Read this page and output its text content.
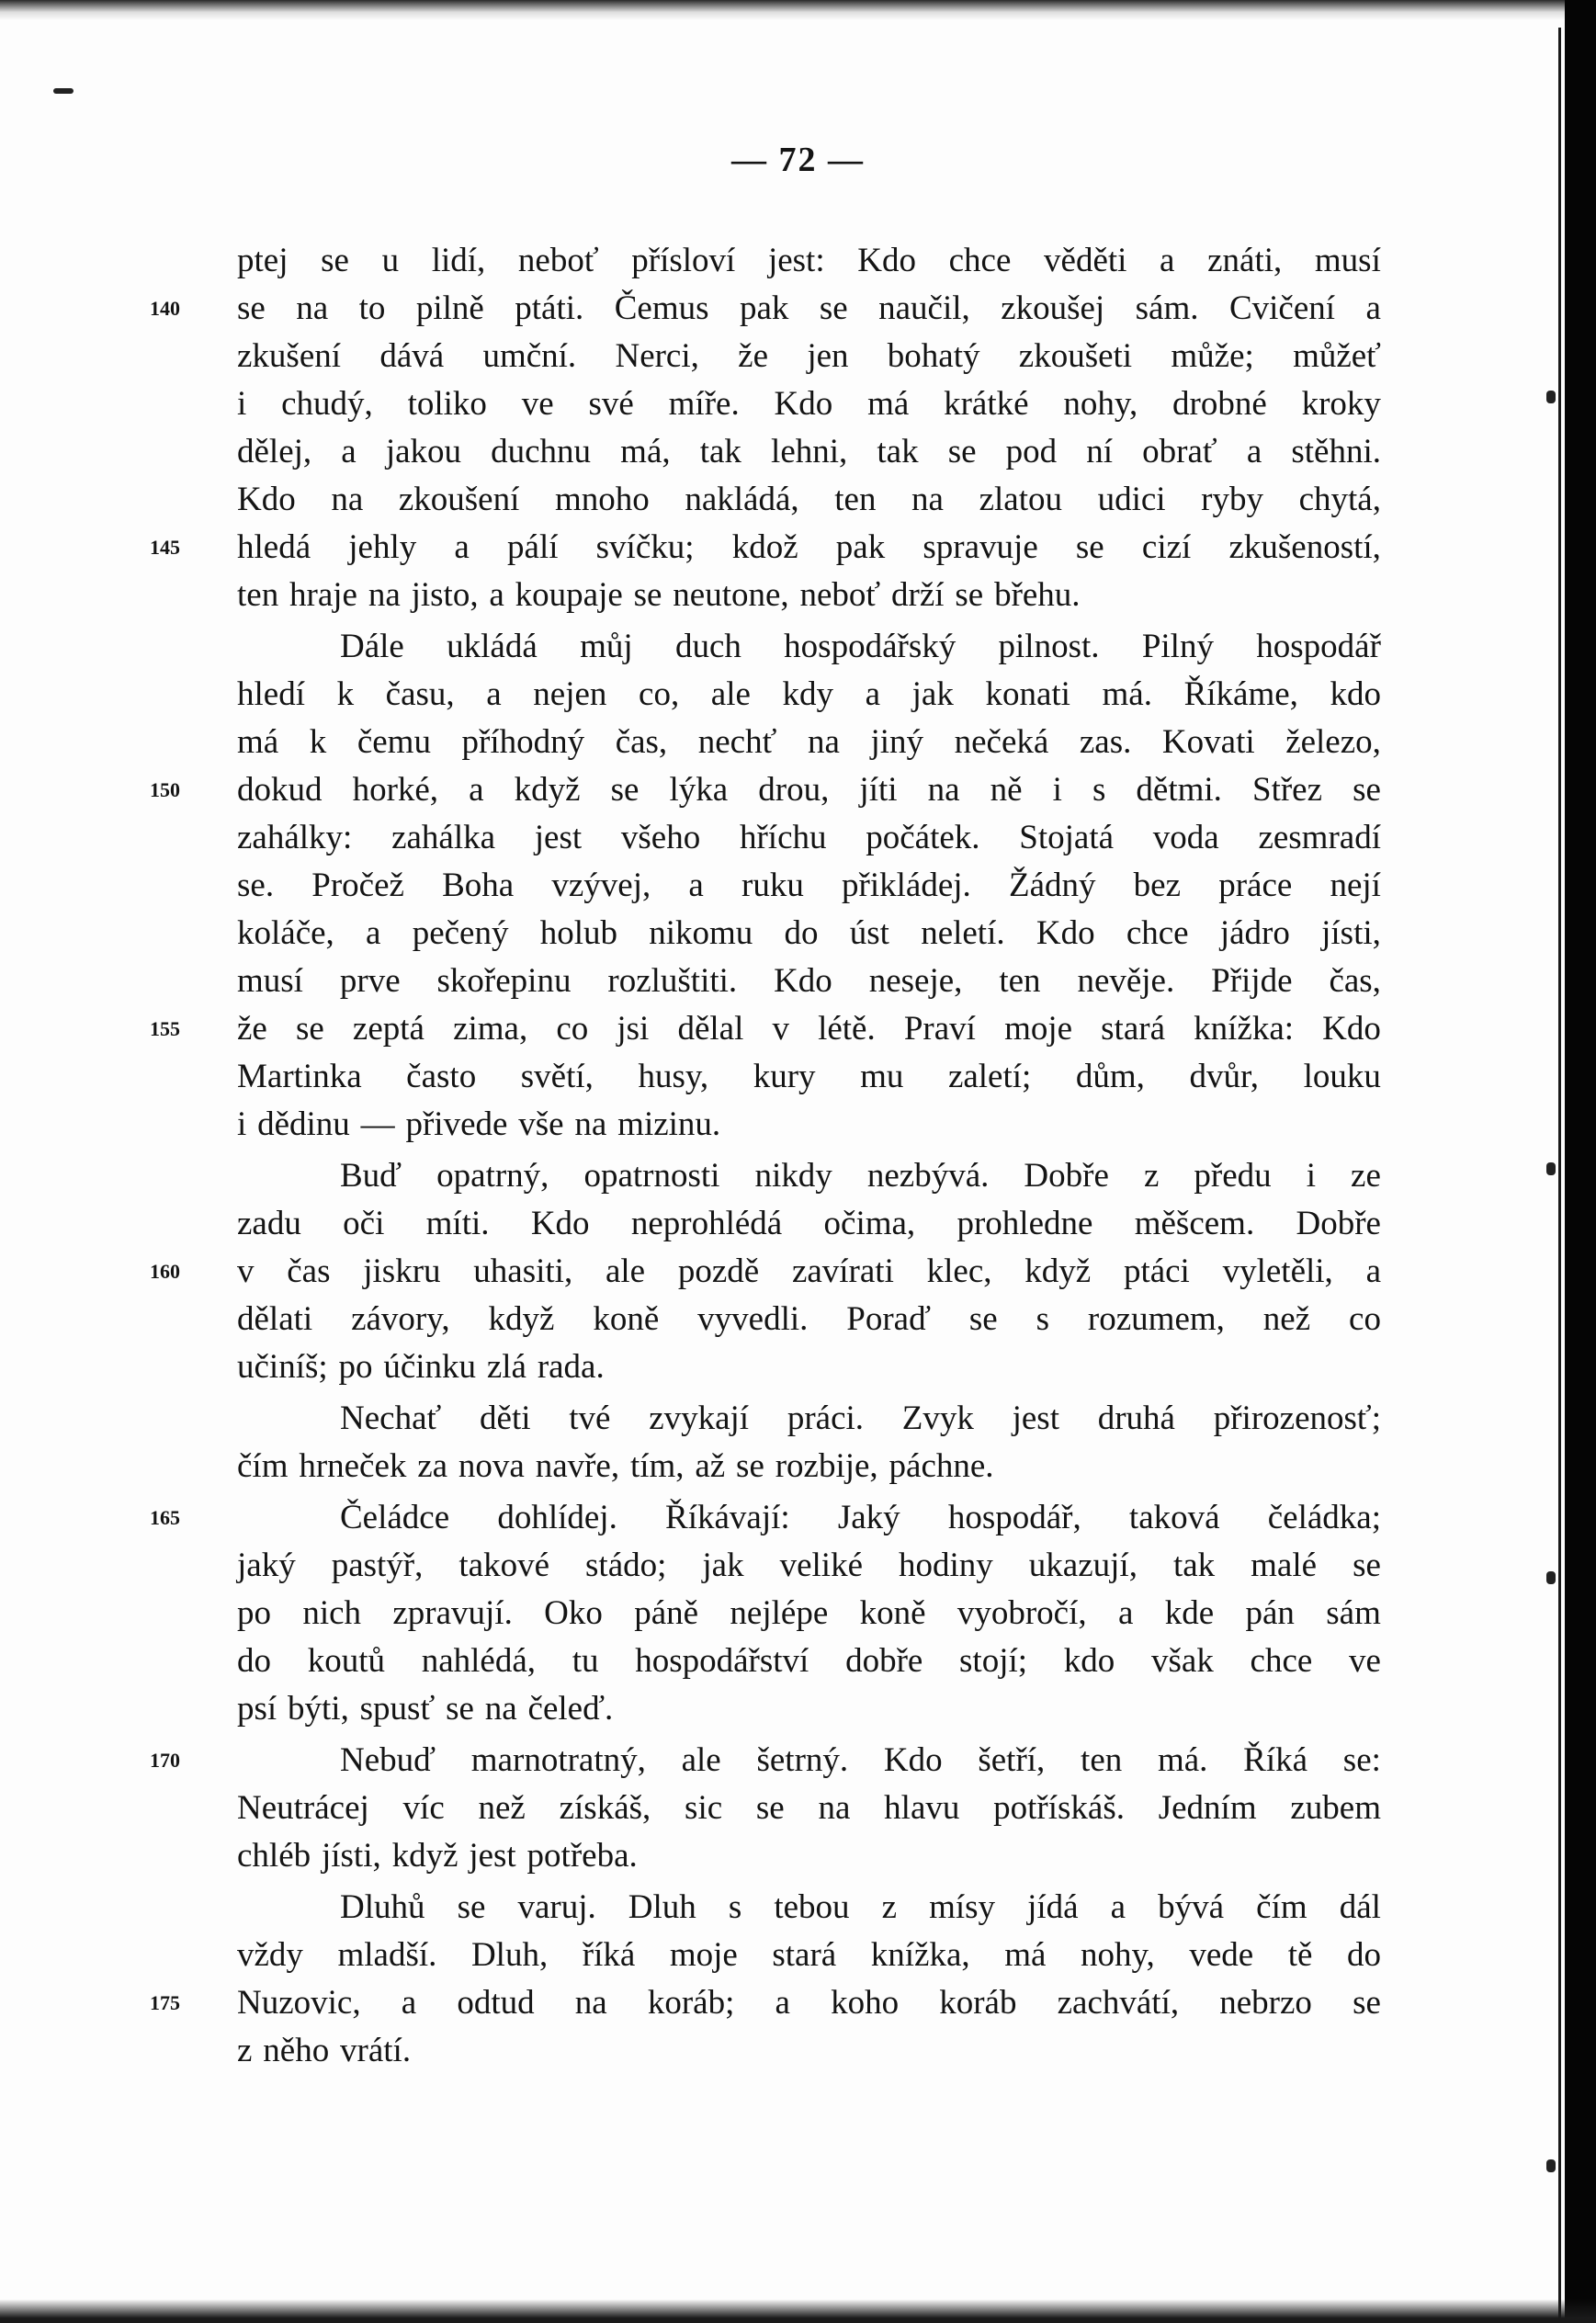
— 72 —
ptej se u lidí, neboť přísloví jest: Kdo chce věděti a znáti, musí
140 se na to pilně ptáti. Čemus pak se naučil, zkoušej sám. Cvičení a
zkušení dává umční. Nerci, že jen bohatý zkoušeti může; můžeť
i chudý, toliko ve své míře. Kdo má krátké nohy, drobné kroky
dělej, a jakou duchnu má, tak lehni, tak se pod ní obrať a stěhni.
Kdo na zkoušení mnoho nakládá, ten na zlatou udici ryby chytá,
145 hledá jehly a pálí svíčku; kdož pak spravuje se cizí zkušeností,
ten hraje na jisto, a koupaje se neutone, neboť drží se břehu.
Dále ukládá můj duch hospodářský pilnost. Pilný hospodář
hledí k času, a nejen co, ale kdy a jak konati má. Říkáme, kdo
má k čemu příhodný čas, nechť na jiný nečeká zas. Kovati železo,
150 dokud horké, a když se lýka drou, jíti na ně i s dětmi. Střez se
zahálky: zahálka jest všeho hříchu počátek. Stojatá voda zesmradí
se. Pročež Boha vzývej, a ruku přikládej. Žádný bez práce nejí
koláče, a pečený holub nikomu do úst neletí. Kdo chce jádro jísti,
musí prve skořepinu rozluštiti. Kdo neseje, ten nevěje. Přijde čas,
155 že se zeptá zima, co jsi dělal v létě. Praví moje stará knížka: Kdo
Martinka často světí, husy, kury mu zaletí; dům, dvůr, louku
i dědinu — přivede vše na mizinu.
Buď opatrný, opatrnosti nikdy nezbývá. Dobře z předu i ze
zadu oči míti. Kdo neprohlédá očima, prohledne měšcem. Dobře
160 v čas jiskru uhasiti, ale pozdě zavírati klec, když ptáci vyletěli, a
dělati závory, když koně vyvedli. Poraď se s rozumem, než co
učiníš; po účinku zlá rada.
Nechať děti tvé zvykají práci. Zvyk jest druhá přirozenosť;
čím hrneček za nova navře, tím, až se rozbije, páchne.
165	Čeládce dohlídej. Říkávají: Jaký hospodář, taková čeládka;
jaký pastýř, takové stádo; jak veliké hodiny ukazují, tak malé se
po nich zpravují. Oko páně nejlépe koně vyobročí, a kde pán sám
do koutů nahlédá, tu hospodářství dobře stojí; kdo však chce ve
psí býti, spusť se na čeleď.
170	Nebuď marnotratný, ale šetrný. Kdo šetří, ten má. Říká se:
Neutrácej víc než získáš, sic se na hlavu potřískáš. Jedním zubem
chléb jísti, když jest potřeba.
Dluhů se varuj. Dluh s tebou z mísy jídá a bývá čím dál
vždy mladší. Dluh, říká moje stará knížka, má nohy, vede tě do
175 Nuzovic, a odtud na koráb; a koho koráb zachvátí, nebrzo se
z něho vrátí.
